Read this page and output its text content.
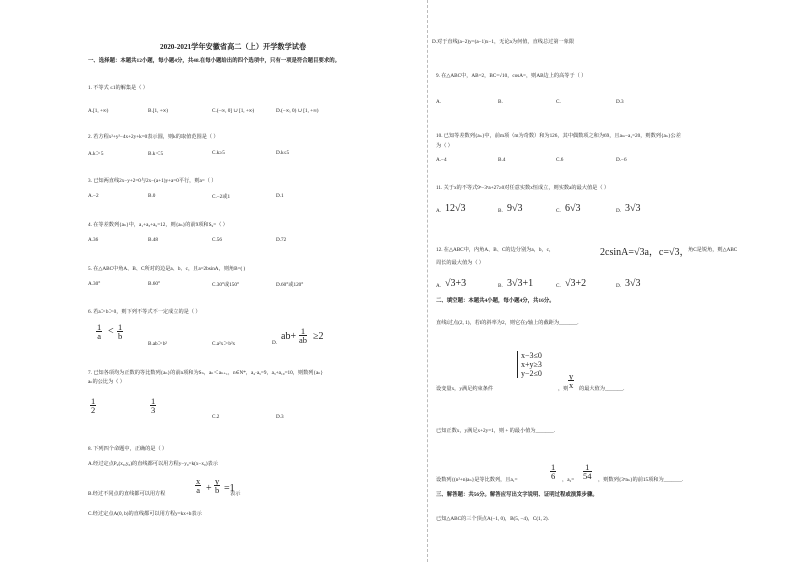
2020-2021学年安徽省高二（上）开学数学试卷
一、选择题：本题共12小题，每小题4分，共48.在每小题给出的四个选项中，只有一项是符合题目要求的。
1. 不等式 ≤1的解集是（ ）
A.[1, +∞)	B.[1, +∞)	C.(−∞, 0] ∪ [1, +∞)	D.(−∞, 0) ∪ [1, +∞)
2. 若方程x²+y²−4x+2y+k=0表示圆，则k的取值范围是（ ）
A.k＞5	B.k＜5	C.k≥5	D.k≤5
3. 已知两直线2x−y+2=0与2x−(a+1)y+a=0平行，则a=（ ）
A.−2	B.0	C.−2或1	D.1
4. 在等差数列{aₙ}中，a₁+a₃+a₅=12，则{aₙ}的前9项和S₉=（ ）
A.36	B.48	C.56	D.72
5. 在△ABC中角A、B、C所对的边是a、b、c，且a=2bsinA，则角B=( )
A.30°	B.60°	C.30°或150°	D.60°或120°
6. 若a＞b＞0，则下列不等式不一定成立的是（ ）
$\frac{1}{a} < \frac{1}{b}$
B.ab＞b²	C.a²x＞b²x	D.
$ab+ \frac{1}{ab} \ge 2$
7. 已知各项均为正数的等比数列{aₙ}的前n项和为Sₙ，aₙ＜aₙ₊₁，n∈N*，a₄·a₅=9，a₃+a₁₀=10，则数列{aₙ}
aₙ的公比为（ ）
$\frac{1}{2}$	$\frac{1}{3}$
C.2	D.3
8. 下列四个命题中，正确的是（ ）
A.经过定点P₀(x₀,y₀)的直线都可以用方程y−y₀=k(x−x₀)表示
B.经过不同点的直线都可以用方程	$\frac{x}{a} + \frac{y}{b} =1$
表示
C.经过定点A(0, b)的直线都可以用方程y=kx+b表示
D.对于直线(a−2)y=(a−1)x−1，无论a为何值，直线总过第一象限
9. 在△ABC中，AB=2，BC=√10，cosA=，则AB边上的高等于（ ）
A.	B.	C.	D.3
10. 已知等差数列{aₙ}中，前m项（m为奇数）和为126，其中偶数项之和为69，且aₘ−a₁=20，则数列{aₙ}公差
为（ ）
A.−4	B.4	C.6	D.−6
11. 关于x的不等式9ˣ−3ˣa+27≥0对任意实数x恒成立，则实数a的最大值是（ ）
A. 12√3	B. 9√3	C. 6√3	D. 3√3
12. 在△ABC中，内角A、B、C的边分别为a，b，c，	2csinA=√3a，c=√3，
角C是锐角，则△ABC
周长的最大值为（ ）
A. √3+3	B. 3√3+1	C. √3+2	D. 3√3
二、填空题：本题共4小题，每小题4分，共16分。
直线l过点(2, 1)，若l的斜率为2，则它在y轴上的截距为_______.
x−3≤0
x+y≥3
y−2≤0
设变量x，y满足约束条件	，则 $\frac{y}{x}$ 的最大值为_______.
已知正数x，y满足x+2y=1，则 + 的最小值为_______.
设数列{(n²+n)aₙ}是等比数列，且a₁=	$\frac{1}{6}$ ，$a_2= \frac{1}{54}$ ，则数列{3ⁿaₙ}的前15项和为_______.
三、解答题：共56分。解答应写出文字说明、证明过程或演算步骤。
已知△ABC的三个顶点A(−1, 0)，B(5, −4)，C(1, 2).
